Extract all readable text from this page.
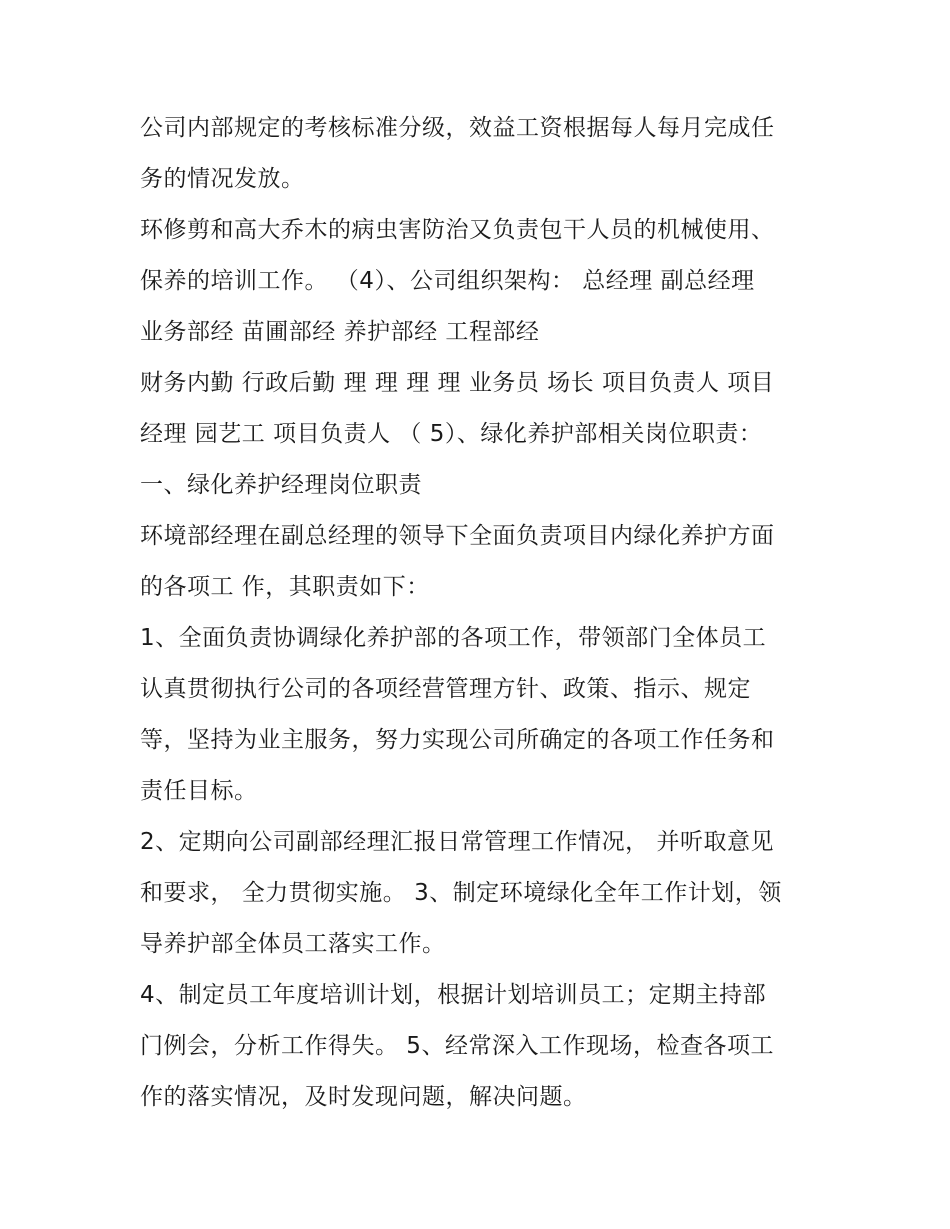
公司内部规定的考核标准分级，效益工资根据每人每月完成任
务的情况发放。

环修剪和高大乔木的病虫害防治又负责包干人员的机械使用、
保养的培训工作。 （4）、公司组织架构： 总经理 副总经理
业务部经 苗圃部经 养护部经 工程部经

财务内勤 行政后勤 理 理 理 理 业务员 场长 项目负责人 项目
经理 园艺工 项目负责人 （ 5）、绿化养护部相关岗位职责：
一、绿化养护经理岗位职责

环境部经理在副总经理的领导下全面负责项目内绿化养护方面
的各项工 作，其职责如下：

1、全面负责协调绿化养护部的各项工作，带领部门全体员工
认真贯彻执行公司的各项经营管理方针、政策、指示、规定
等，坚持为业主服务，努力实现公司所确定的各项工作任务和
责任目标。

2、定期向公司副部经理汇报日常管理工作情况， 并听取意见
和要求， 全力贯彻实施。 3、制定环境绿化全年工作计划，领
导养护部全体员工落实工作。

4、制定员工年度培训计划，根据计划培训员工；定期主持部
门例会，分析工作得失。 5、经常深入工作现场，检查各项工
作的落实情况，及时发现问题，解决问题。
